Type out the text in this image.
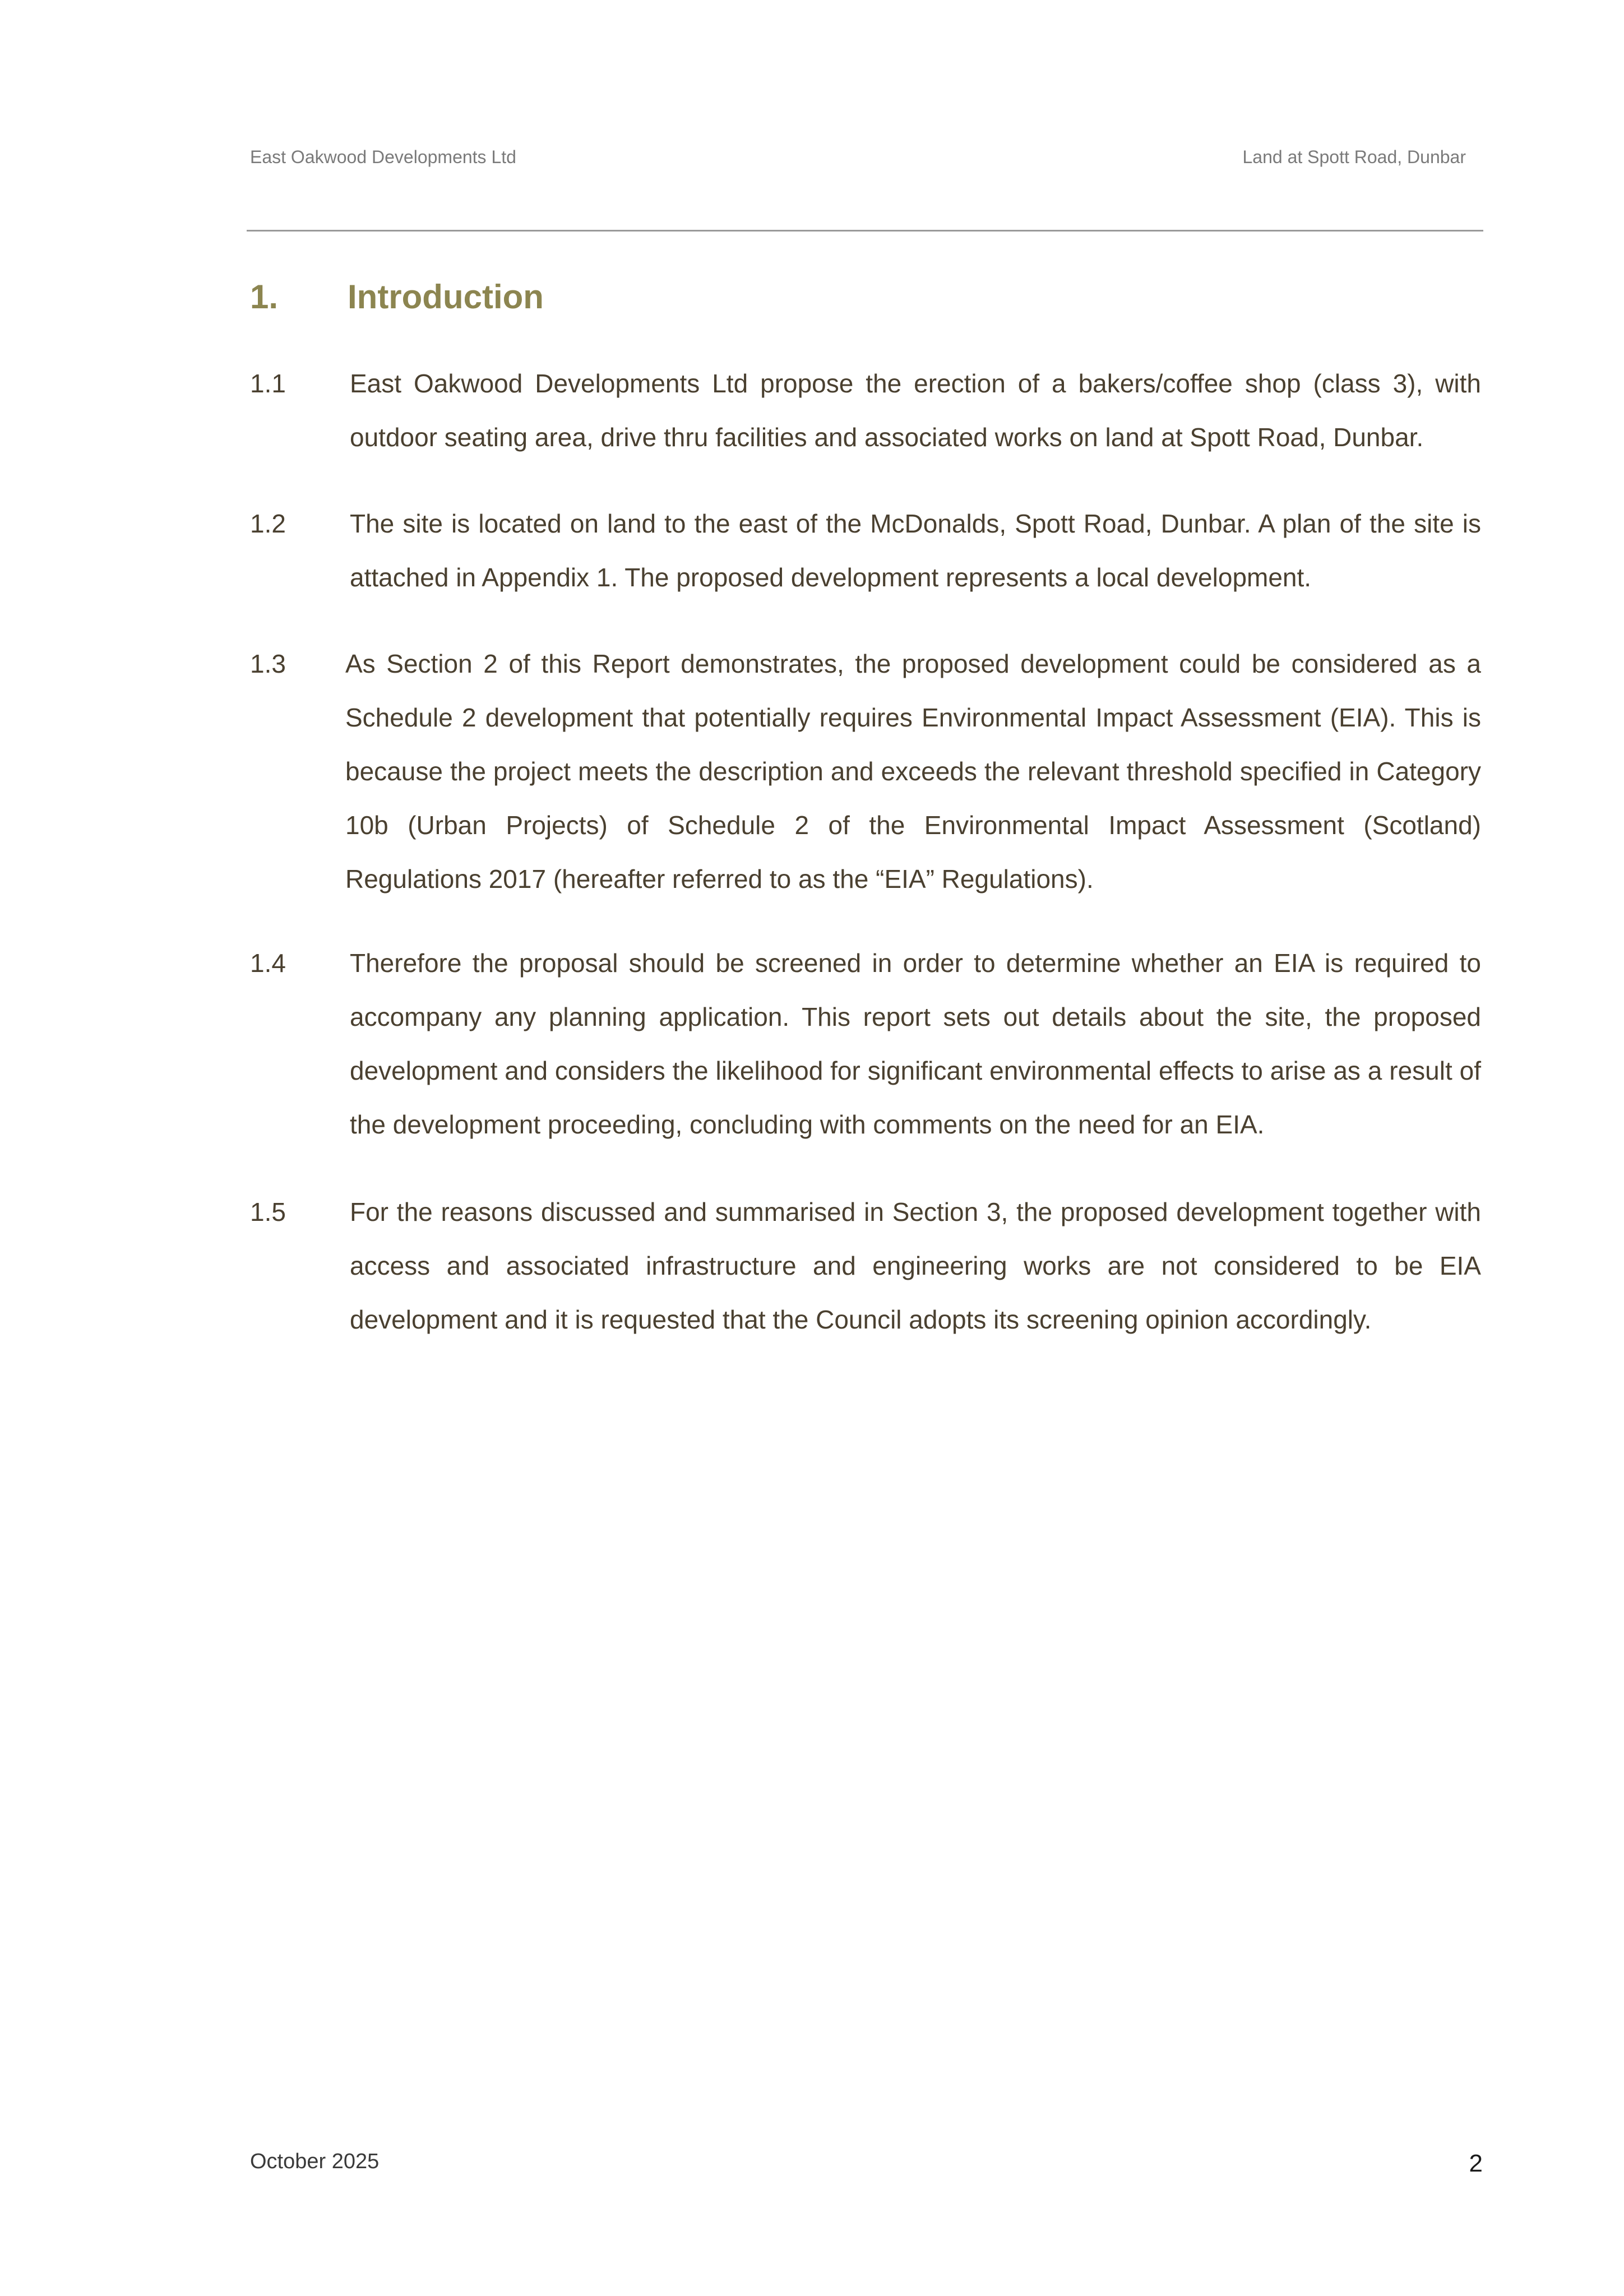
East Oakwood Developments Ltd	Land at Spott Road, Dunbar
1. Introduction
1.1 East Oakwood Developments Ltd propose the erection of a bakers/coffee shop (class 3), with outdoor seating area, drive thru facilities and associated works on land at Spott Road, Dunbar.
1.2 The site is located on land to the east of the McDonalds, Spott Road, Dunbar. A plan of the site is attached in Appendix 1. The proposed development represents a local development.
1.3 As Section 2 of this Report demonstrates, the proposed development could be considered as a Schedule 2 development that potentially requires Environmental Impact Assessment (EIA). This is because the project meets the description and exceeds the relevant threshold specified in Category 10b (Urban Projects) of Schedule 2 of the Environmental Impact Assessment (Scotland) Regulations 2017 (hereafter referred to as the “EIA” Regulations).
1.4 Therefore the proposal should be screened in order to determine whether an EIA is required to accompany any planning application. This report sets out details about the site, the proposed development and considers the likelihood for significant environmental effects to arise as a result of the development proceeding, concluding with comments on the need for an EIA.
1.5 For the reasons discussed and summarised in Section 3, the proposed development together with access and associated infrastructure and engineering works are not considered to be EIA development and it is requested that the Council adopts its screening opinion accordingly.
October 2025	2
